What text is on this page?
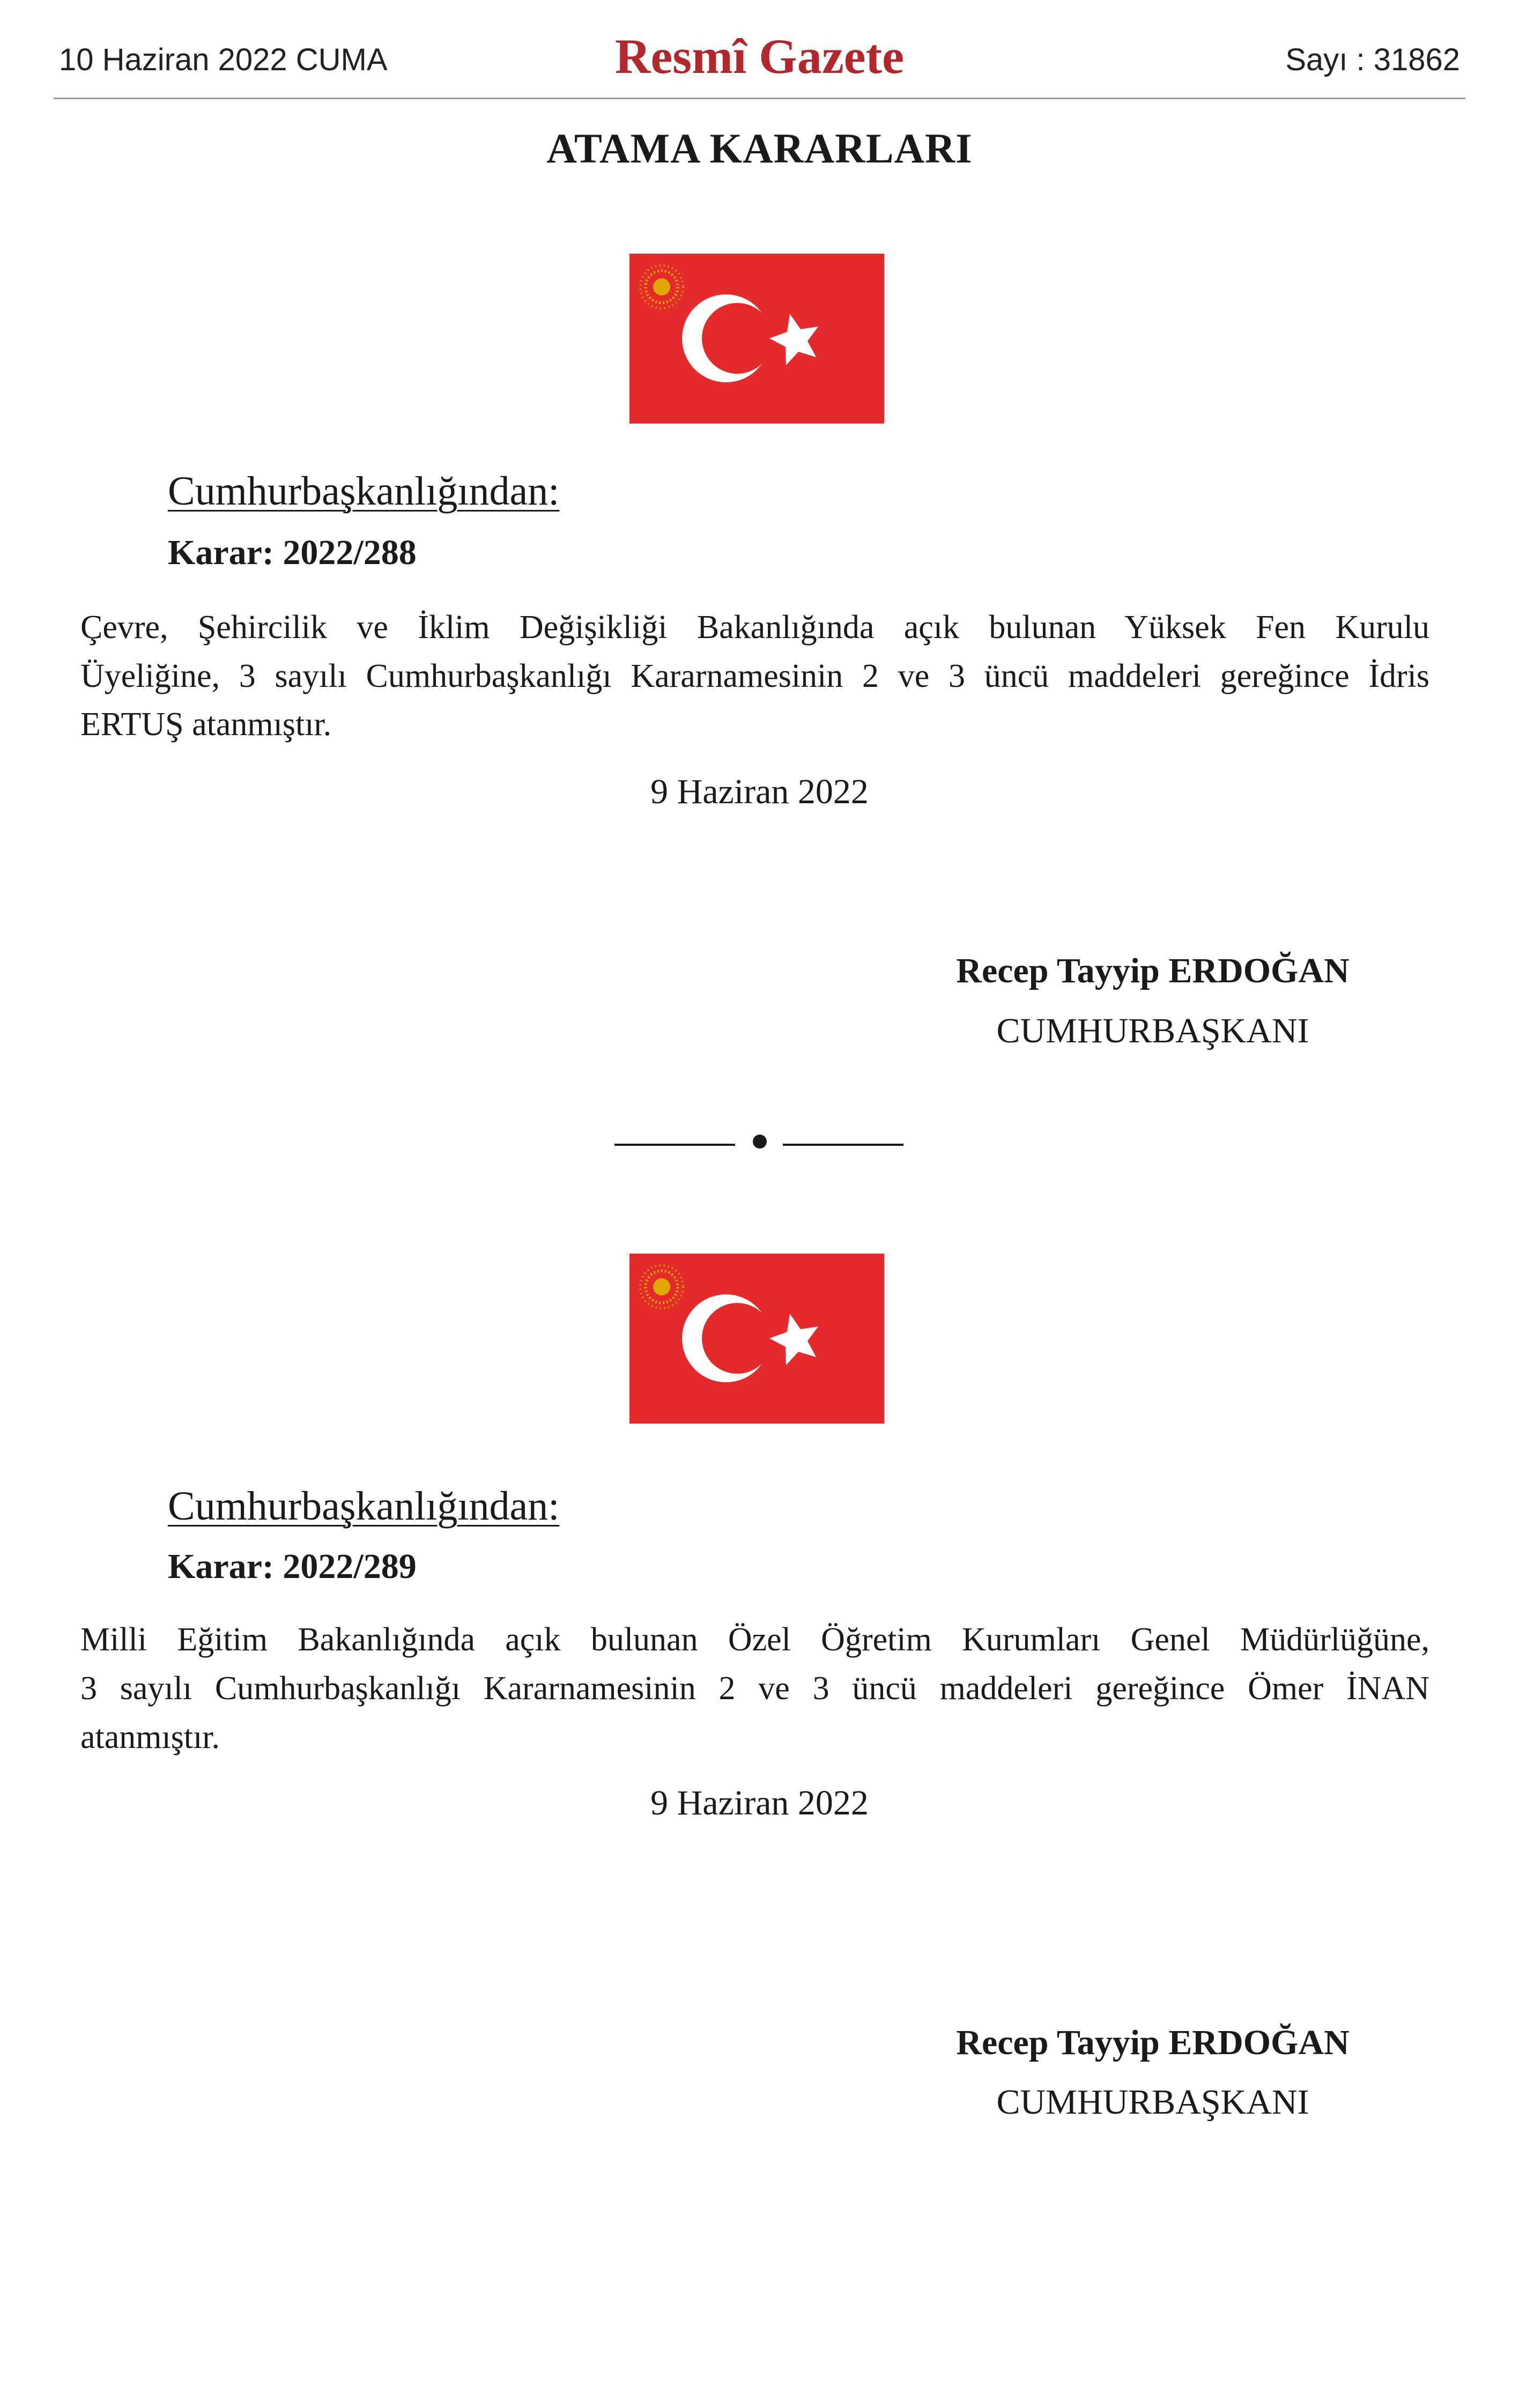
10 Haziran 2022 CUMA	Resmî Gazete	Sayı : 31862
ATAMA KARARLARI
Cumhurbaşkanlığından:
Karar: 2022/288
Çevre, Şehircilik ve İklim Değişikliği Bakanlığında açık bulunan Yüksek Fen Kurulu
Üyeliğine, 3 sayılı Cumhurbaşkanlığı Kararnamesinin 2 ve 3 üncü maddeleri gereğince İdris
ERTUŞ atanmıştır.
9 Haziran 2022
Recep Tayyip ERDOĞAN
CUMHURBAŞKANI
Cumhurbaşkanlığından:
Karar: 2022/289
Milli Eğitim Bakanlığında açık bulunan Özel Öğretim Kurumları Genel Müdürlüğüne,
3 sayılı Cumhurbaşkanlığı Kararnamesinin 2 ve 3 üncü maddeleri gereğince Ömer İNAN
atanmıştır.
9 Haziran 2022
Recep Tayyip ERDOĞAN
CUMHURBAŞKANI
